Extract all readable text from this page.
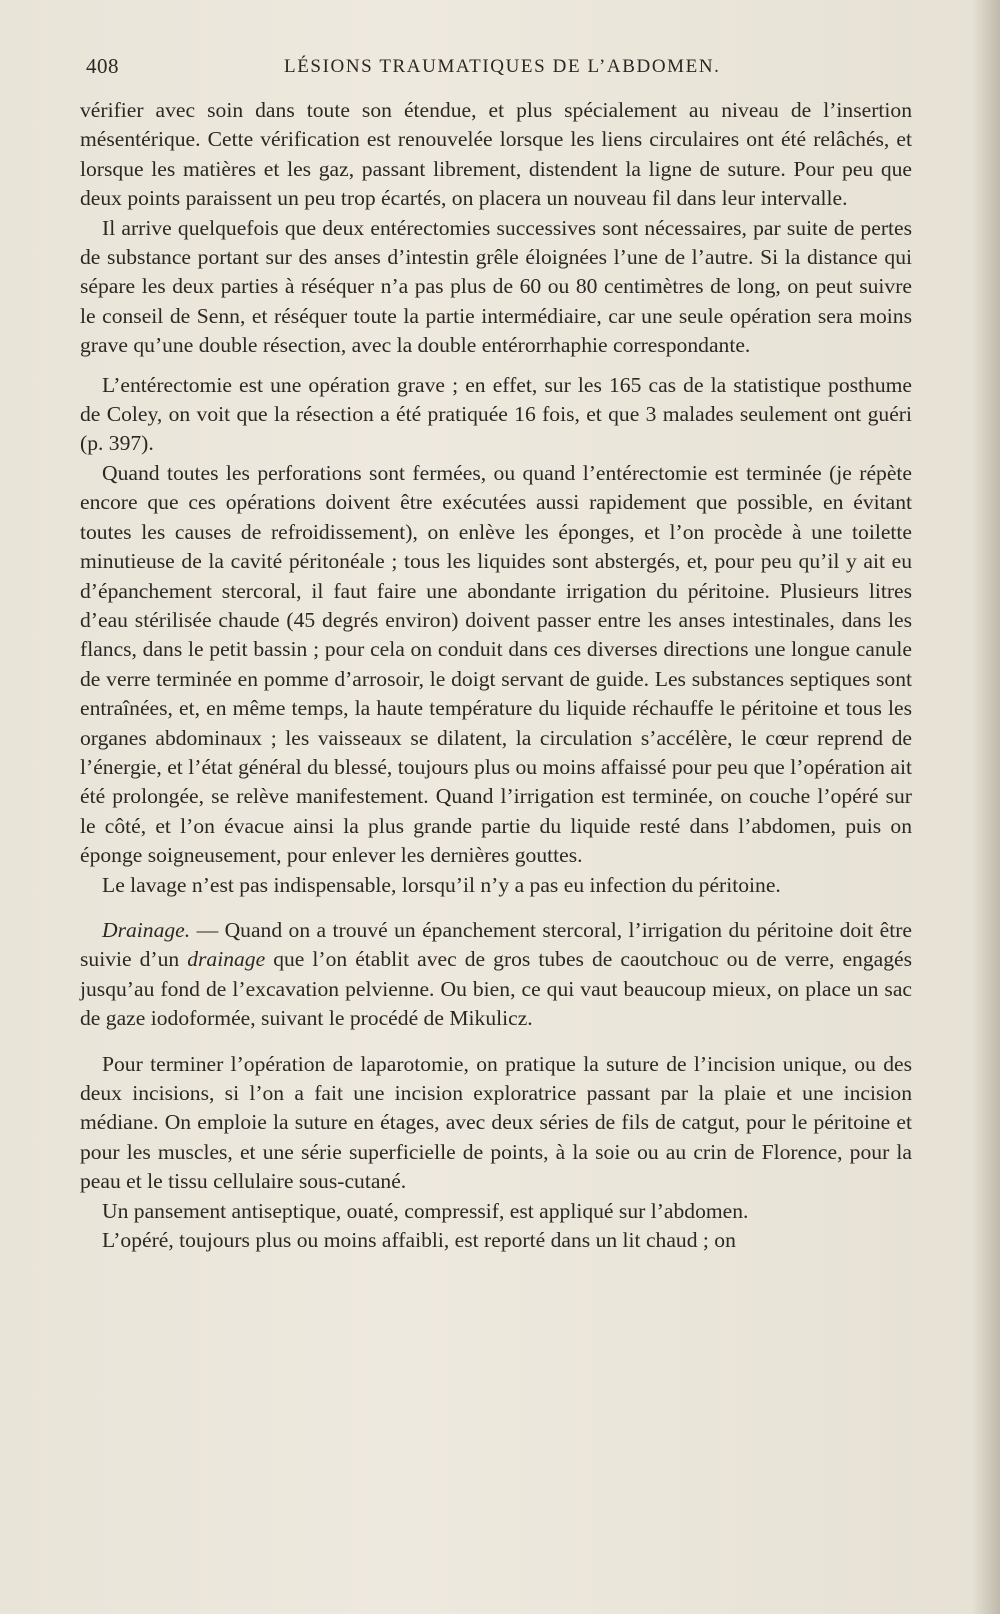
408	LÉSIONS TRAUMATIQUES DE L’ABDOMEN.

vérifier avec soin dans toute son étendue, et plus spécialement au niveau de l’insertion mésentérique. Cette vérification est renouvelée lorsque les liens circulaires ont été relâchés, et lorsque les matières et les gaz, passant librement, distendent la ligne de suture. Pour peu que deux points paraissent un peu trop écartés, on placera un nouveau fil dans leur intervalle.

Il arrive quelquefois que deux entérectomies successives sont nécessaires, par suite de pertes de substance portant sur des anses d’intestin grêle éloignées l’une de l’autre. Si la distance qui sépare les deux parties à réséquer n’a pas plus de 60 ou 80 centimètres de long, on peut suivre le conseil de Senn, et réséquer toute la partie intermédiaire, car une seule opération sera moins grave qu’une double résection, avec la double entérorrhaphie correspondante.

L’entérectomie est une opération grave ; en effet, sur les 165 cas de la statistique posthume de Coley, on voit que la résection a été pratiquée 16 fois, et que 3 malades seulement ont guéri (p. 397).

Quand toutes les perforations sont fermées, ou quand l’entérectomie est terminée (je répète encore que ces opérations doivent être exécutées aussi rapidement que possible, en évitant toutes les causes de refroidissement), on enlève les éponges, et l’on procède à une toilette minutieuse de la cavité péritonéale ; tous les liquides sont abstergés, et, pour peu qu’il y ait eu d’épanchement stercoral, il faut faire une abondante irrigation du péritoine. Plusieurs litres d’eau stérilisée chaude (45 degrés environ) doivent passer entre les anses intestinales, dans les flancs, dans le petit bassin ; pour cela on conduit dans ces diverses directions une longue canule de verre terminée en pomme d’arrosoir, le doigt servant de guide. Les substances septiques sont entraînées, et, en même temps, la haute température du liquide réchauffe le péritoine et tous les organes abdominaux ; les vaisseaux se dilatent, la circulation s’accélère, le cœur reprend de l’énergie, et l’état général du blessé, toujours plus ou moins affaissé pour peu que l’opération ait été prolongée, se relève manifestement. Quand l’irrigation est terminée, on couche l’opéré sur le côté, et l’on évacue ainsi la plus grande partie du liquide resté dans l’abdomen, puis on éponge soigneusement, pour enlever les dernières gouttes.

Le lavage n’est pas indispensable, lorsqu’il n’y a pas eu infection du péritoine.

Drainage. — Quand on a trouvé un épanchement stercoral, l’irrigation du péritoine doit être suivie d’un drainage que l’on établit avec de gros tubes de caoutchouc ou de verre, engagés jusqu’au fond de l’excavation pelvienne. Ou bien, ce qui vaut beaucoup mieux, on place un sac de gaze iodoformée, suivant le procédé de Mikulicz.

Pour terminer l’opération de laparotomie, on pratique la suture de l’incision unique, ou des deux incisions, si l’on a fait une incision exploratrice passant par la plaie et une incision médiane. On emploie la suture en étages, avec deux séries de fils de catgut, pour le péritoine et pour les muscles, et une série superficielle de points, à la soie ou au crin de Florence, pour la peau et le tissu cellulaire sous-cutané.

Un pansement antiseptique, ouaté, compressif, est appliqué sur l’abdomen.

L’opéré, toujours plus ou moins affaibli, est reporté dans un lit chaud ; on
